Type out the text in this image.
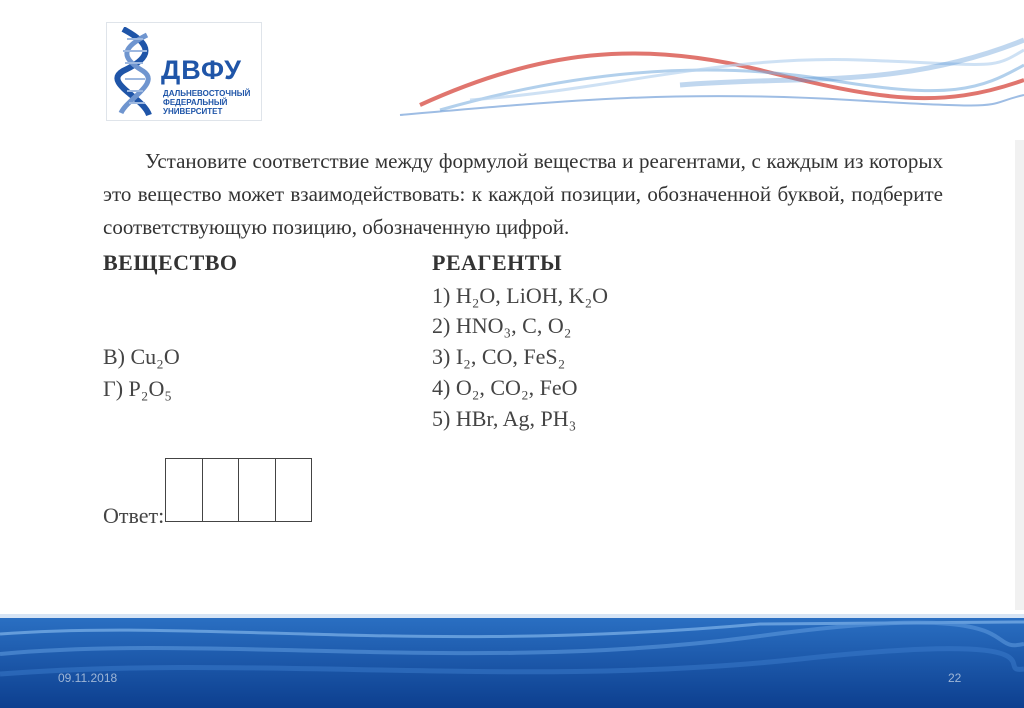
ДВФУ
ДАЛЬНЕВОСТОЧНЫЙ
ФЕДЕРАЛЬНЫЙ
УНИВЕРСИТЕТ
Установите соответствие между формулой вещества и реагентами, с каждым из которых это вещество может взаимодействовать: к каждой позиции, обозначенной буквой, подберите соответствующую позицию, обозначенную цифрой.
ВЕЩЕСТВО
В) Cu₂O
Г) P₂O₅
РЕАГЕНТЫ
1) H₂O, LiOH, K₂O
2) HNO₃, C, O₂
3) I₂, CO, FeS₂
4) O₂, CO₂, FeO
5) HBr, Ag, PH₃
Ответ:
09.11.2018	22
